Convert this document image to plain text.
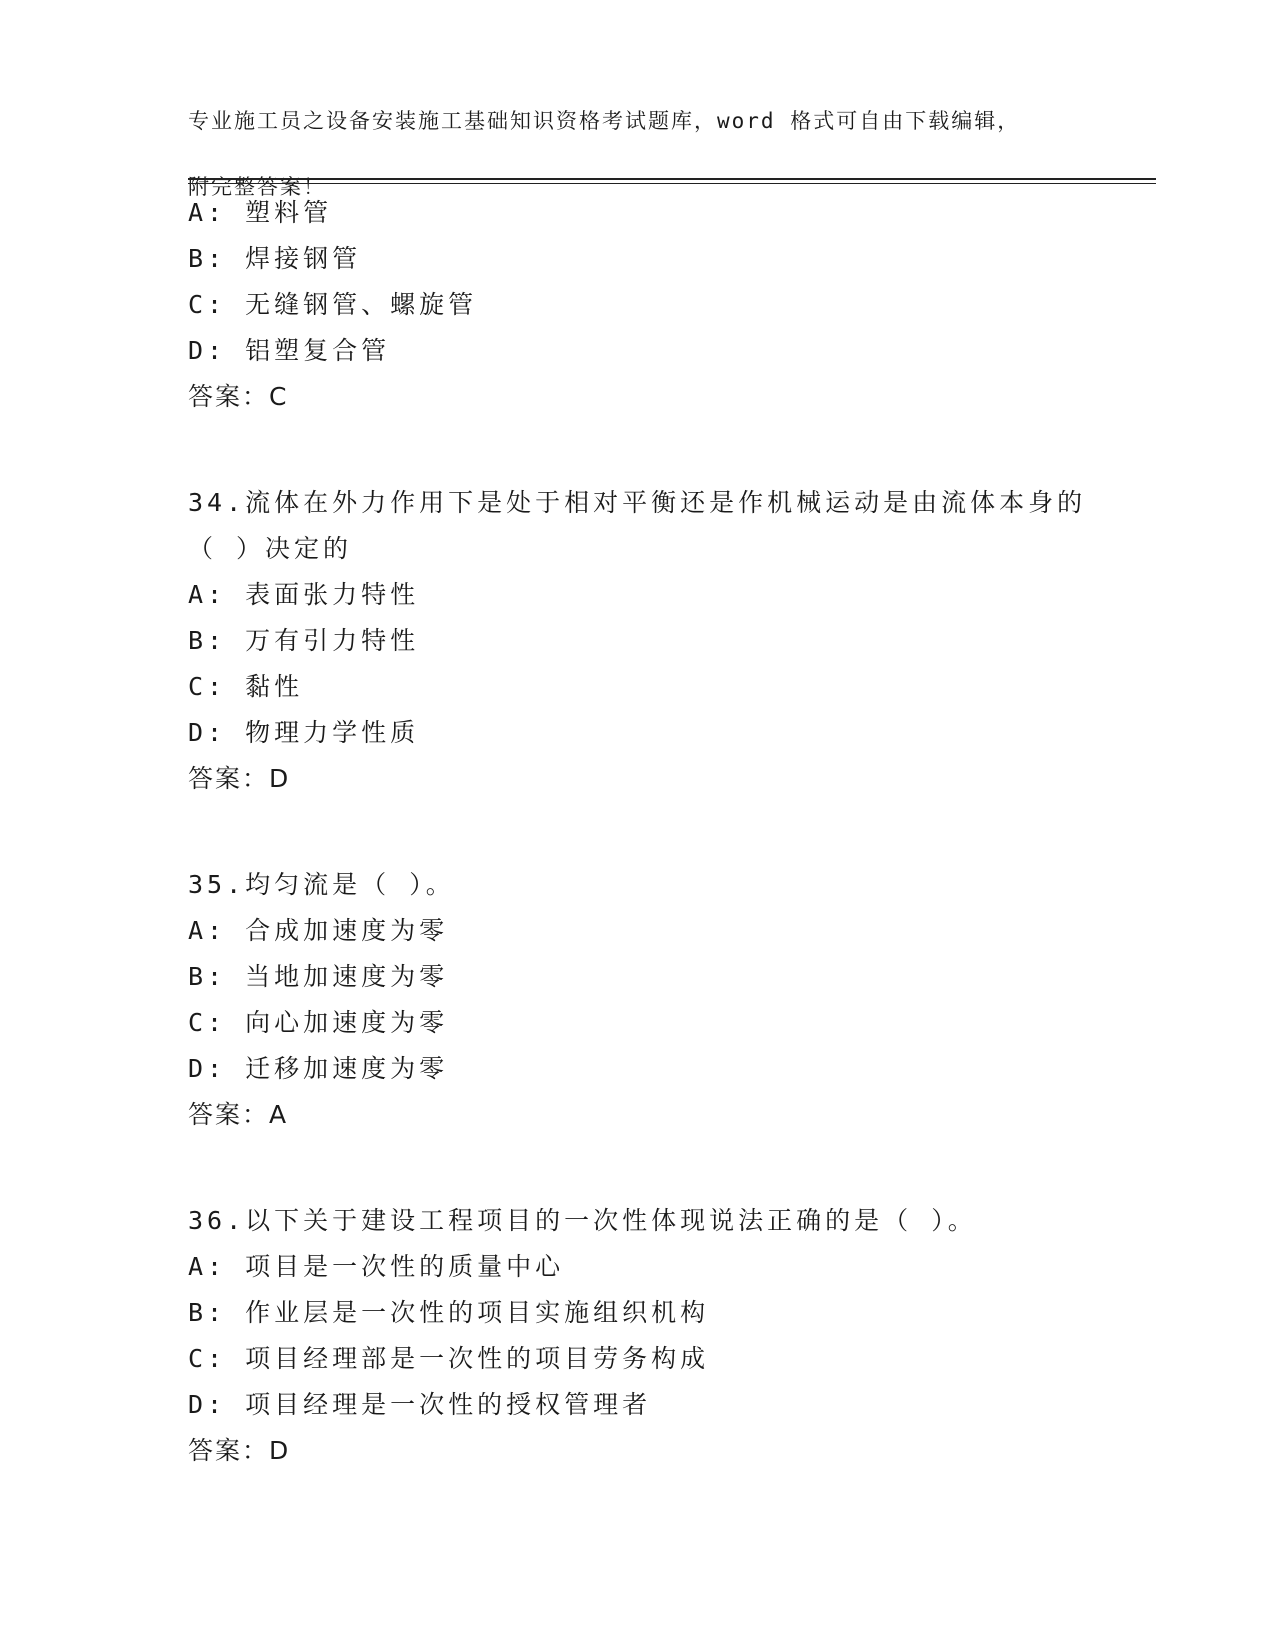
专业施工员之设备安装施工基础知识资格考试题库，word 格式可自由下载编辑，

附完整答案！

A: 塑料管
B: 焊接钢管
C: 无缝钢管、螺旋管
D: 铝塑复合管
答案：C
34.流体在外力作用下是处于相对平衡还是作机械运动是由流体本身的
（ ）决定的
A: 表面张力特性
B: 万有引力特性
C: 黏性
D: 物理力学性质
答案：D
35.均匀流是（ ）。
A: 合成加速度为零
B: 当地加速度为零
C: 向心加速度为零
D: 迁移加速度为零
答案：A
36.以下关于建设工程项目的一次性体现说法正确的是（ ）。
A: 项目是一次性的质量中心
B: 作业层是一次性的项目实施组织机构
C: 项目经理部是一次性的项目劳务构成
D: 项目经理是一次性的授权管理者
答案：D
